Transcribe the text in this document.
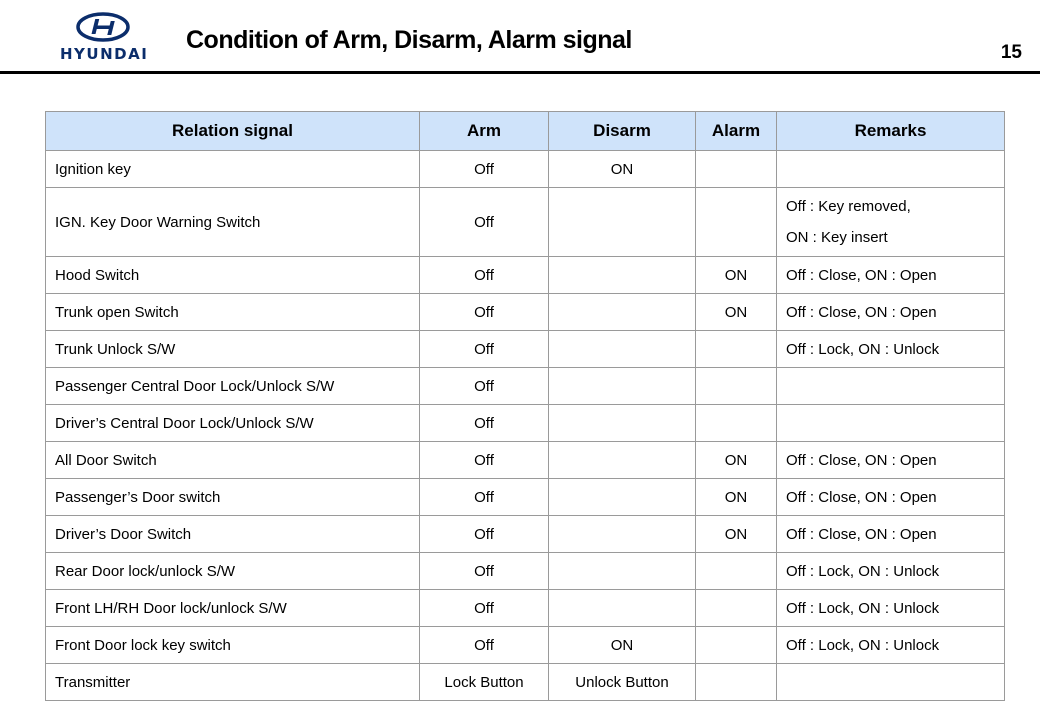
HYUNDAI Condition of Arm, Disarm, Alarm signal	15
Relation signal	Arm	Disarm	Alarm	Remarks
Ignition key	Off	ON		
IGN. Key Door Warning Switch	Off			Off : Key removed,
ON : Key insert

Hood Switch	Off		ON	Off : Close, ON : Open
Trunk open Switch	Off		ON	Off : Close, ON : Open
Trunk Unlock S/W	Off			Off : Lock, ON : Unlock
Passenger Central Door Lock/Unlock S/W	Off			
Driver’s Central Door Lock/Unlock S/W	Off			
All Door Switch	Off		ON	Off : Close, ON : Open
Passenger’s Door switch	Off		ON	Off : Close, ON : Open
Driver’s Door Switch	Off		ON	Off : Close, ON : Open
Rear Door lock/unlock S/W	Off			Off : Lock, ON : Unlock
Front LH/RH Door lock/unlock S/W	Off			Off : Lock, ON : Unlock
Front Door lock key switch	Off	ON		Off : Lock, ON : Unlock
Transmitter	Lock Button	Unlock Button		
